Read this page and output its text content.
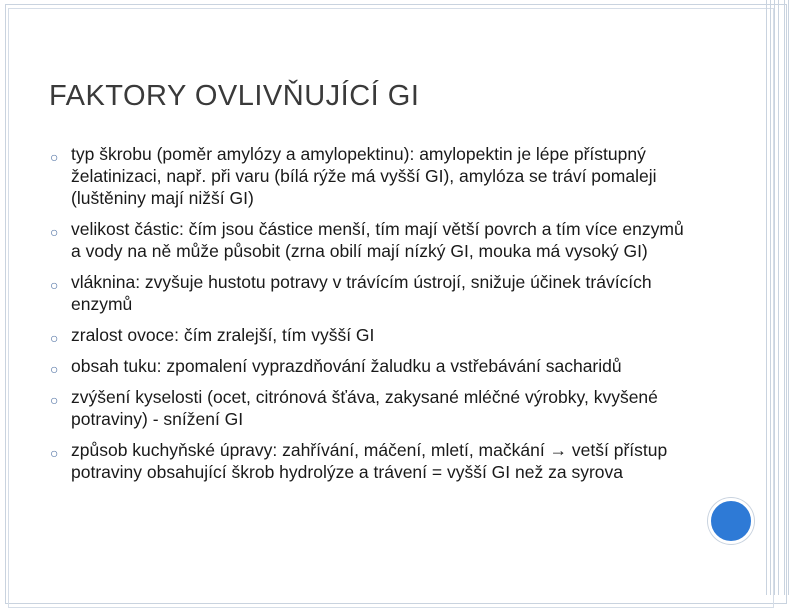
FAKTORY OVLIVŇUJÍCÍ GI
○ typ škrobu (poměr amylózy a amylopektinu): amylopektin je lépe přístupný želatinizaci, např. při varu (bílá rýže má vyšší GI), amylóza se tráví pomaleji (luštěniny mají nižší GI)
○ velikost částic: čím jsou částice menší, tím mají větší povrch a tím více enzymů a vody na ně může působit (zrna obilí mají nízký GI, mouka má vysoký GI)
○ vláknina: zvyšuje hustotu potravy v trávícím ústrojí, snižuje účinek trávících enzymů
○ zralost ovoce: čím zralejší, tím vyšší GI
○ obsah tuku: zpomalení vyprazdňování žaludku a vstřebávání sacharidů
○ zvýšení kyselosti (ocet, citrónová šťáva, zakysané mléčné výrobky, kvyšené potraviny) - snížení GI
○ způsob kuchyňské úpravy: zahřívání, máčení, mletí, mačkání → vetší přístup potraviny obsahující škrob hydrolýze a trávení = vyšší GI než za syrova
